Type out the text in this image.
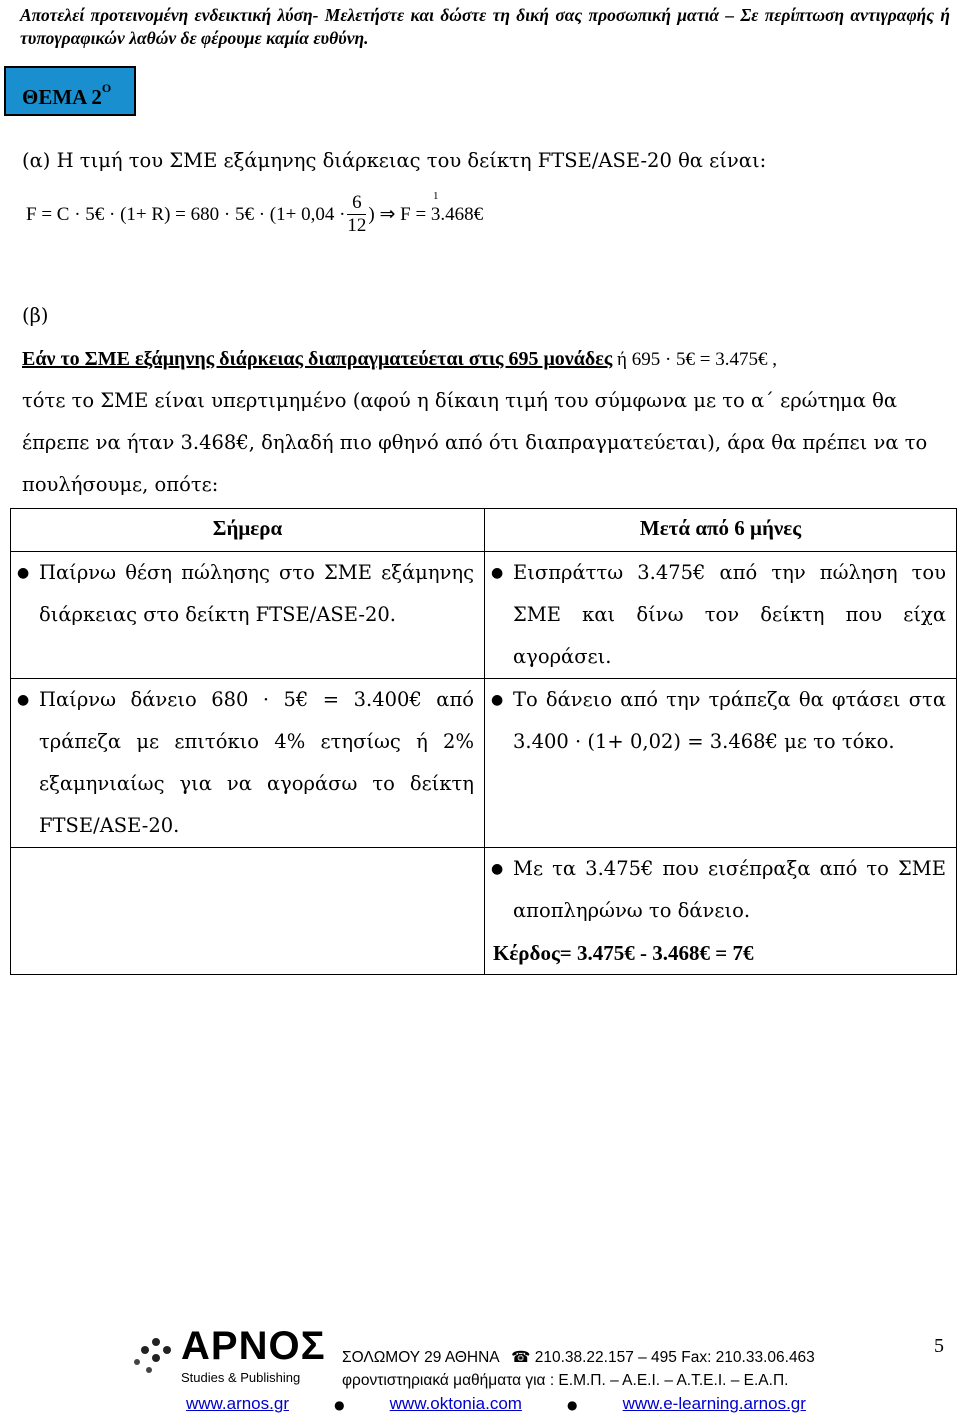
Αποτελεί προτεινομένη ενδεικτική λύση- Μελετήστε και δώστε τη δική σας προσωπική ματιά – Σε περίπτωση αντιγραφής ή τυπογραφικών λαθών δε φέρουμε καμία ευθύνη.
ΘΕΜΑ $2^O$
(α) Η τιμή του ΣΜΕ εξάμηνης διάρκειας του δείκτη FTSE/ASE-20 θα είναι:
F = C · 5€ · (1+ R) = 680 · 5€ · ($1+ 0,04 \cdot \frac{6}{12}$ ) ⇒ F = 3.468€
1
(β)
Εάν το ΣΜΕ εξάμηνης διάρκειας διαπραγματεύεται στις 695 μονάδες ή 695 · 5€ = 3.475€ ,
τότε το ΣΜΕ είναι υπερτιμημένο (αφού η δίκαιη τιμή του σύμφωνα με το α΄ ερώτημα θα
έπρεπε να ήταν 3.468€, δηλαδή πιο φθηνό από ότι διαπραγματεύεται), άρα θα πρέπει να το
πουλήσουμε, οπότε:
Σήμερα	Μετά από 6 μήνες

● Παίρνω θέση πώλησης στο ΣΜΕ εξάμηνης διάρκειας στο δείκτη FTSE/ASE-20.	● Εισπράττω 3.475€ από την πώληση του ΣΜΕ και δίνω τον δείκτη που είχα αγοράσει.

● Παίρνω δάνειο 680 · 5€ = 3.400€ από τράπεζα με επιτόκιο 4% ετησίως ή 2% εξαμηνιαίως για να αγοράσω το δείκτη FTSE/ASE-20.	● Το δάνειο από την τράπεζα θα φτάσει στα 3.400 · (1+ 0,02) = 3.468€ με το τόκο.

	● Με τα 3.475€ που εισέπραξα από το ΣΜΕ αποπληρώνω το δάνειο.
Κέρδος= 3.475€ - 3.468€ = 7€
5
ΑΡΝΟΣ
Studies & Publishing
ΣΟΛΩΜΟΥ 29 ΑΘΗΝΑ ☎ 210.38.22.157 – 495 Fax: 210.33.06.463
φροντιστηριακά μαθήματα για : Ε.Μ.Π. – Α.Ε.Ι. – Α.Τ.Ε.Ι. – Ε.Α.Π.
www.arnos.gr	●	www.oktonia.com	●	www.e-learning.arnos.gr
